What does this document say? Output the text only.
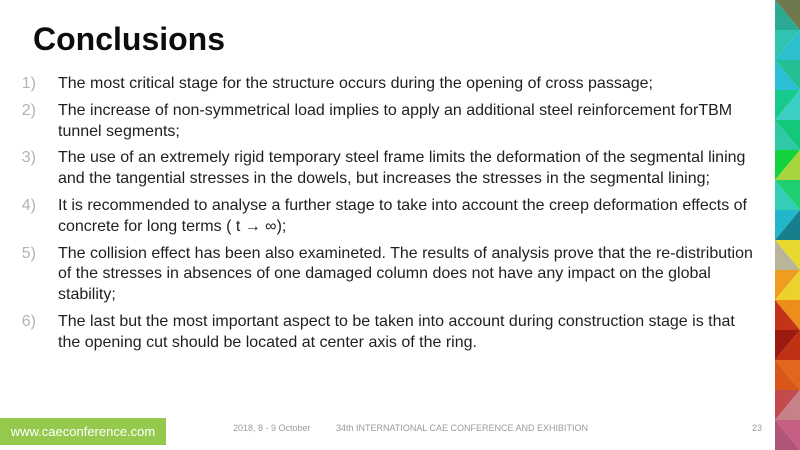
Conclusions
1) The most critical stage for the structure occurs during the opening of cross passage;
2) The increase of non-symmetrical load implies to apply an additional steel reinforcement forTBM tunnel segments;
3) The use of an extremely rigid temporary steel frame limits the deformation of the segmental lining and the tangential stresses in the dowels, but increases the stresses in the segmental lining;
4) It is recommended to analyse a further stage to take into account the creep deformation effects of concrete for long terms ( t → ∞);
5) The collision effect has been also examineted. The results of analysis prove that the re-distribution of the stresses in absences of one damaged column does not have any impact on the global stability;
6) The last but the most important aspect to be taken into account during construction stage is that the opening cut should be located at center axis of the ring.
www.caeconference.com	2018, 8 - 9 October	34th INTERNATIONAL CAE CONFERENCE AND EXHIBITION	23
